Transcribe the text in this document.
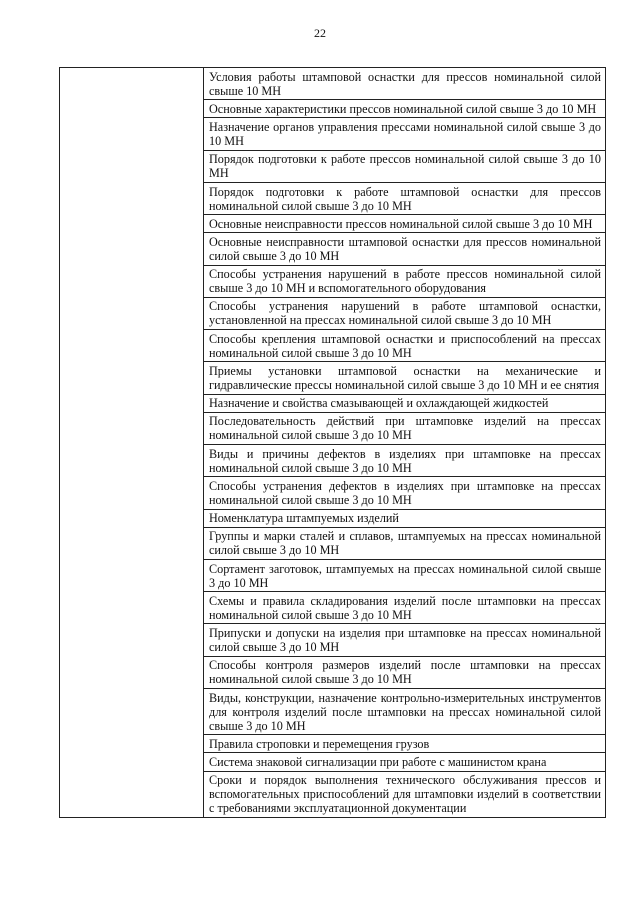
22
Условия работы штамповой оснастки для прессов номинальной силой свыше 10 МН
Основные характеристики прессов номинальной силой свыше 3 до 10 МН
Назначение органов управления прессами номинальной силой свыше 3 до 10 МН
Порядок подготовки к работе прессов номинальной силой свыше 3 до 10 МН
Порядок подготовки к работе штамповой оснастки для прессов номинальной силой свыше 3 до 10 МН
Основные неисправности прессов номинальной силой свыше 3 до 10 МН
Основные неисправности штамповой оснастки для прессов номинальной силой свыше 3 до 10 МН
Способы устранения нарушений в работе прессов номинальной силой свыше 3 до 10 МН и вспомогательного оборудования
Способы устранения нарушений в работе штамповой оснастки, установленной на прессах номинальной силой свыше 3 до 10 МН
Способы крепления штамповой оснастки и приспособлений на прессах номинальной силой свыше 3 до 10 МН
Приемы установки штамповой оснастки на механические и гидравлические прессы номинальной силой свыше 3 до 10 МН и ее снятия
Назначение и свойства смазывающей и охлаждающей жидкостей
Последовательность действий при штамповке изделий на прессах номинальной силой свыше 3 до 10 МН
Виды и причины дефектов в изделиях при штамповке на прессах номинальной силой свыше 3 до 10 МН
Способы устранения дефектов в изделиях при штамповке на прессах номинальной силой свыше 3 до 10 МН
Номенклатура штампуемых изделий
Группы и марки сталей и сплавов, штампуемых на прессах номинальной силой свыше 3 до 10 МН
Сортамент заготовок, штампуемых на прессах номинальной силой свыше 3 до 10 МН
Схемы и правила складирования изделий после штамповки на прессах номинальной силой свыше 3 до 10 МН
Припуски и допуски на изделия при штамповке на прессах номинальной силой свыше 3 до 10 МН
Способы контроля размеров изделий после штамповки на прессах номинальной силой свыше 3 до 10 МН
Виды, конструкции, назначение контрольно-измерительных инструментов для контроля изделий после штамповки на прессах номинальной силой свыше 3 до 10 МН
Правила строповки и перемещения грузов
Система знаковой сигнализации при работе с машинистом крана
Сроки и порядок выполнения технического обслуживания прессов и вспомогательных приспособлений для штамповки изделий в соответствии с требованиями эксплуатационной документации
